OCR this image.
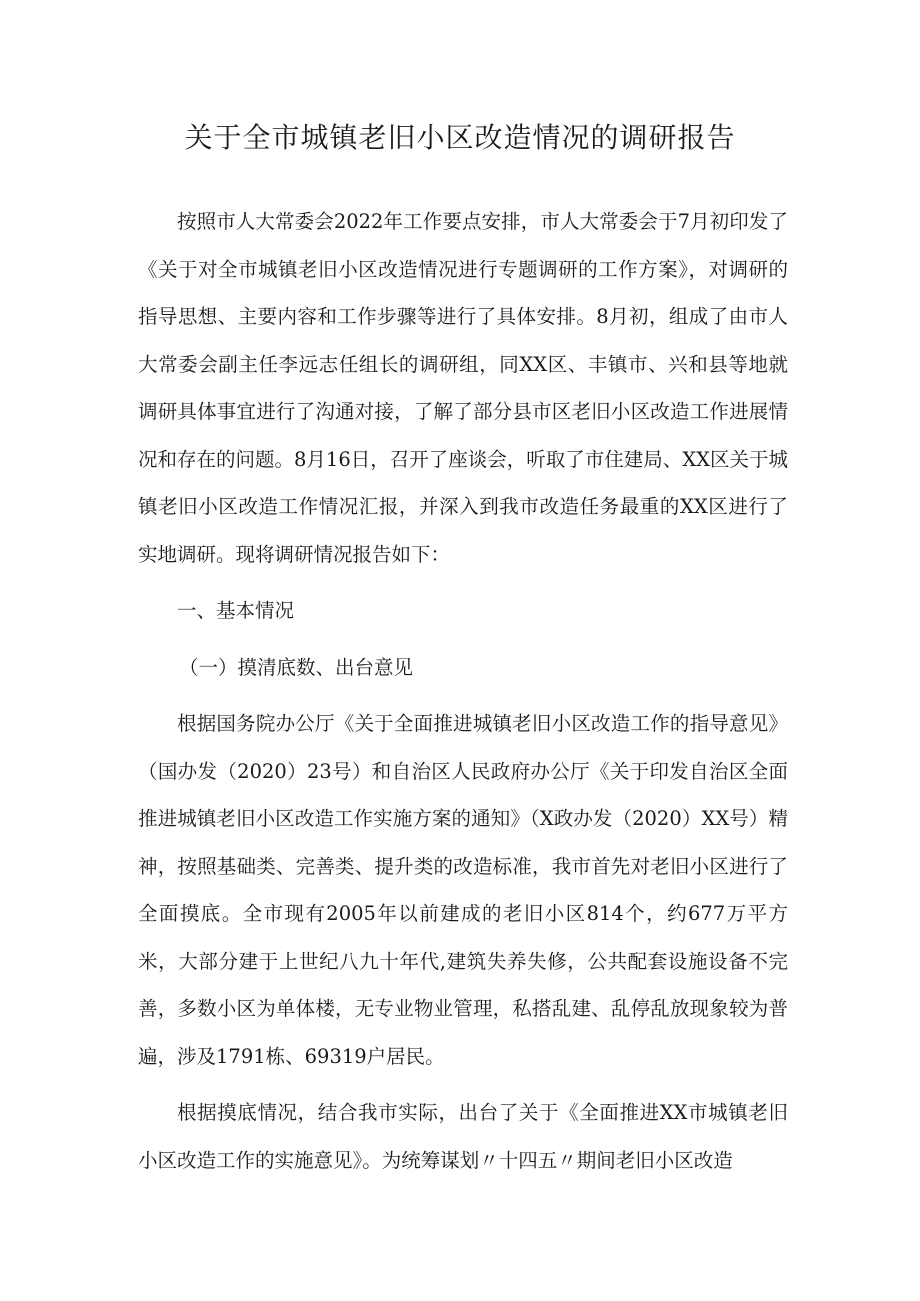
关于全市城镇老旧小区改造情况的调研报告

按照市人大常委会2022年工作要点安排，市人大常委会于7月初印发了《关于对全市城镇老旧小区改造情况进行专题调研的工作方案》，对调研的指导思想、主要内容和工作步骤等进行了具体安排。8月初，组成了由市人大常委会副主任李远志任组长的调研组，同XX区、丰镇市、兴和县等地就调研具体事宜进行了沟通对接，了解了部分县市区老旧小区改造工作进展情况和存在的问题。8月16日，召开了座谈会，听取了市住建局、XX区关于城镇老旧小区改造工作情况汇报，并深入到我市改造任务最重的XX区进行了实地调研。现将调研情况报告如下：

一、基本情况

（一）摸清底数、出台意见

根据国务院办公厅《关于全面推进城镇老旧小区改造工作的指导意见》（国办发（2020）23号）和自治区人民政府办公厅《关于印发自治区全面推进城镇老旧小区改造工作实施方案的通知》（X政办发（2020）XX号）精神，按照基础类、完善类、提升类的改造标准，我市首先对老旧小区进行了全面摸底。全市现有2005年以前建成的老旧小区814个，约677万平方米，大部分建于上世纪八九十年代,建筑失养失修，公共配套设施设备不完善，多数小区为单体楼，无专业物业管理，私搭乱建、乱停乱放现象较为普遍，涉及1791栋、69319户居民。

根据摸底情况，结合我市实际，出台了关于《全面推进XX市城镇老旧小区改造工作的实施意见》。为统筹谋划〃十四五〃期间老旧小区改造
